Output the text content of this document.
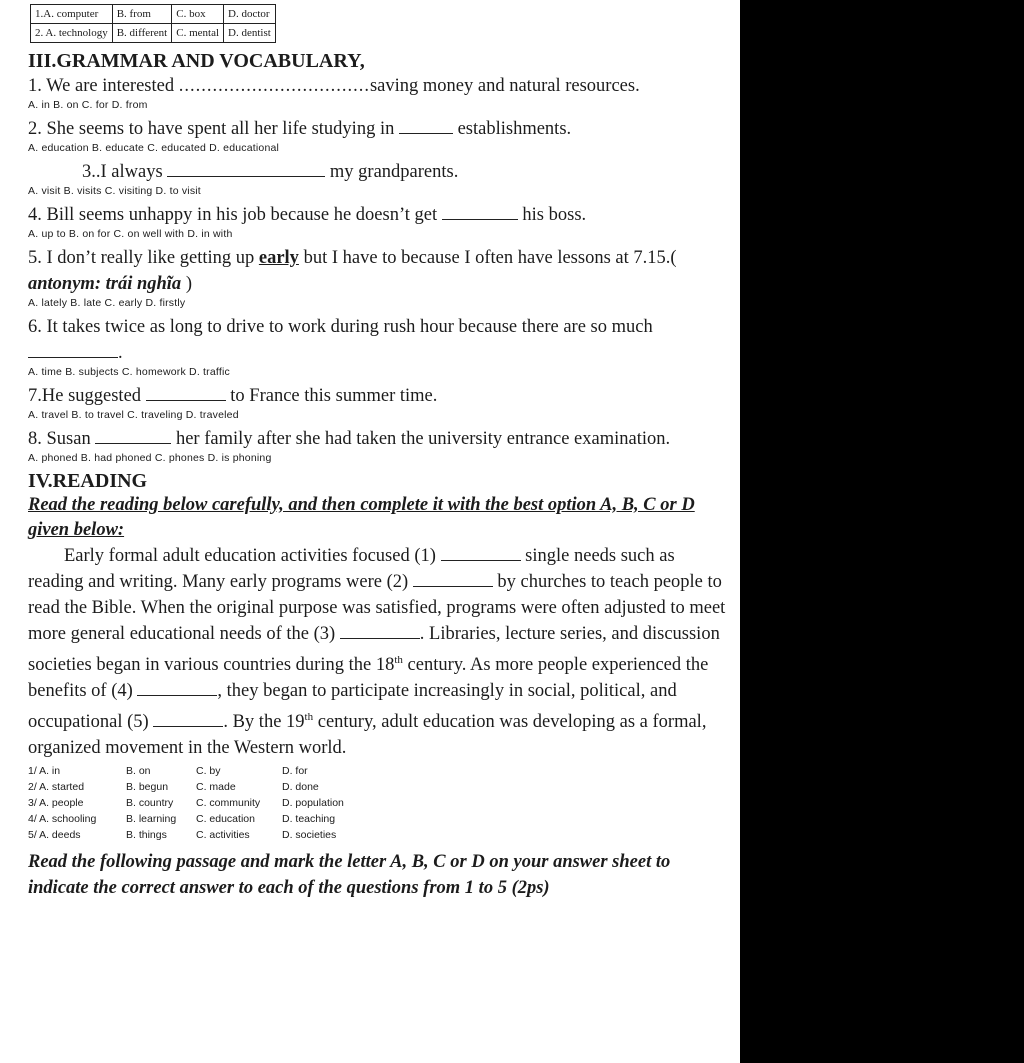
1.A. computer	B. from	C. box	D. doctor
2. A. technology	B. different	C. mental	D. dentist
III.GRAMMAR AND VOCABULARY,
1. We are interested ..................................saving money and natural resources.
A. in B. on C. for D. from
2. She seems to have spent all her life studying in	establishments.
A. education B. educate C. educated D. educational
3..I always	my grandparents.
A. visit B. visits C. visiting D. to visit
4. Bill seems unhappy in his job because he doesn’t get	his boss.
A. up to B. on for C. on well with D. in with
5. I don’t really like getting up early but I have to because I often have lessons at 7.15.( antonym: trái nghĩa )
A. lately B. late C. early D. firstly
6. It takes twice as long to drive to work during rush hour because there are so much .
A. time B. subjects C. homework D. traffic
7.He suggested	to France this summer time.
A. travel B. to travel C. traveling D. traveled
8. Susan	her family after she had taken the university entrance examination.
A. phoned B. had phoned C. phones D. is phoning
IV.READING
Read the reading below carefully, and then complete it with the best option A, B, C or D given below:
Early formal adult education activities focused (1)	single needs such as reading and writing. Many early programs were (2)	by churches to teach people to read the Bible. When the original purpose was satisfied, programs were often adjusted to meet more general educational needs of the (3)	. Libraries, lecture series, and discussion societies began in various countries during the 18th century. As more people experienced the benefits of (4)	, they began to participate increasingly in social, political, and occupational (5)	. By the 19th century, adult education was developing as a formal, organized movement in the Western world.
1/ A. in	B. on	C. by	D. for
2/ A. started	B. begun	C. made	D. done
3/ A. people	B. country C. community D. population
4/ A. schooling	B. learning C. education	D. teaching
5/ A. deeds	B. things	C. activities	D. societies
Read the following passage and mark the letter A, B, C or D on your answer sheet to indicate the correct answer to each of the questions from 1 to 5 (2ps)
